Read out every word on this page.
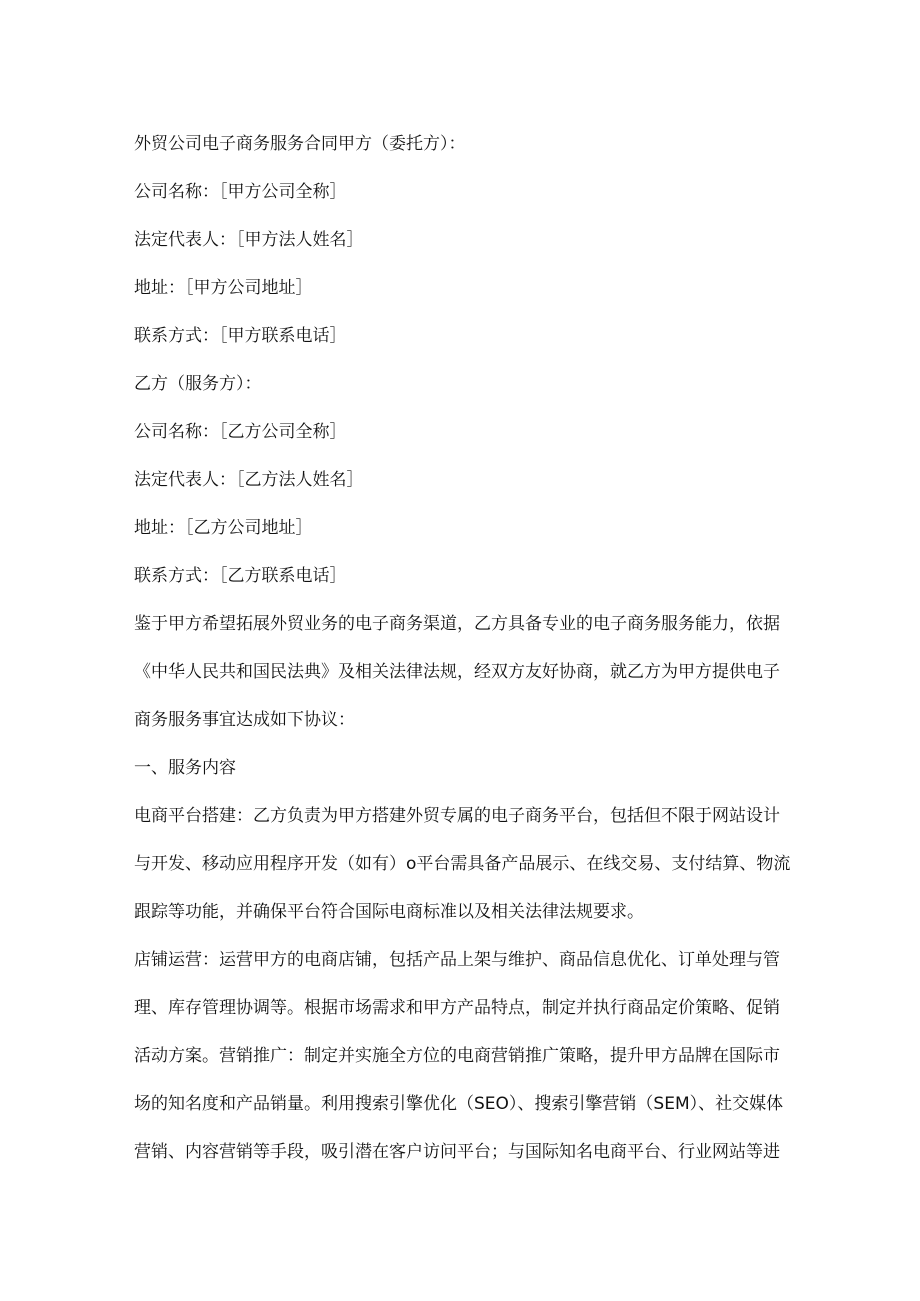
外贸公司电子商务服务合同甲方（委托方）：
公司名称：［甲方公司全称］
法定代表人：［甲方法人姓名］
地址：［甲方公司地址］
联系方式：［甲方联系电话］
乙方（服务方）：
公司名称：［乙方公司全称］
法定代表人：［乙方法人姓名］
地址：［乙方公司地址］
联系方式：［乙方联系电话］
鉴于甲方希望拓展外贸业务的电子商务渠道，乙方具备专业的电子商务服务能力，依据
《中华人民共和国民法典》及相关法律法规，经双方友好协商，就乙方为甲方提供电子
商务服务事宜达成如下协议：
一、服务内容
电商平台搭建：乙方负责为甲方搭建外贸专属的电子商务平台，包括但不限于网站设计
与开发、移动应用程序开发（如有）o平台需具备产品展示、在线交易、支付结算、物流
跟踪等功能，并确保平台符合国际电商标准以及相关法律法规要求。
店铺运营：运营甲方的电商店铺，包括产品上架与维护、商品信息优化、订单处理与管
理、库存管理协调等。根据市场需求和甲方产品特点，制定并执行商品定价策略、促销
活动方案。营销推广：制定并实施全方位的电商营销推广策略，提升甲方品牌在国际市
场的知名度和产品销量。利用搜索引擎优化（SEO）、搜索引擎营销（SEM）、社交媒体
营销、内容营销等手段，吸引潜在客户访问平台；与国际知名电商平台、行业网站等进
